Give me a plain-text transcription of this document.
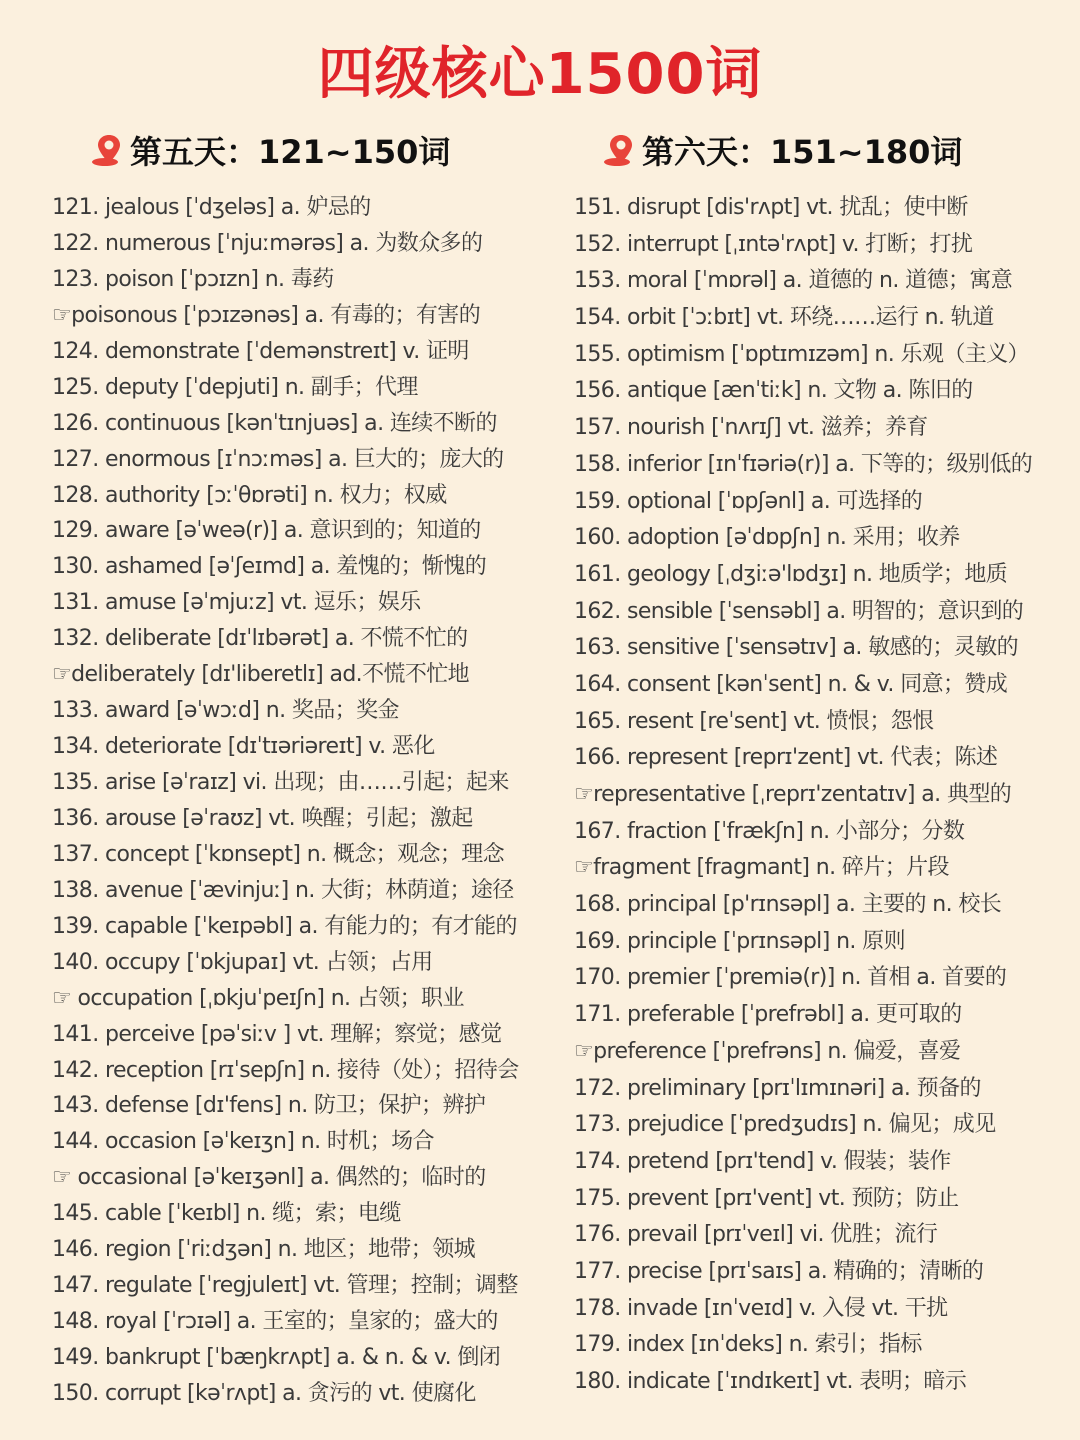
四级核心1500词
第五天：121~150词
121. jealous [ˈdʒeləs] a. 妒忌的
122. numerous [ˈnjuːmərəs] a. 为数众多的
123. poison [ˈpɔɪzn] n. 毒药
☞poisonous [ˈpɔɪzənəs] a. 有毒的；有害的
124. demonstrate [ˈdemənstreɪt] v. 证明
125. deputy [ˈdepjuti] n. 副手；代理
126. continuous [kənˈtɪnjuəs] a. 连续不断的
127. enormous [ɪˈnɔːməs] a. 巨大的；庞大的
128. authority [ɔːˈθɒrəti] n. 权力；权威
129. aware [əˈweə(r)] a. 意识到的；知道的
130. ashamed [əˈʃeɪmd] a. 羞愧的；惭愧的
131. amuse [əˈmjuːz] vt. 逗乐；娱乐
132. deliberate [dɪˈlɪbərət] a. 不慌不忙的
☞deliberately [dɪ'liberetlɪ] ad.不慌不忙地
133. award [əˈwɔːd] n. 奖品；奖金
134. deteriorate [dɪˈtɪəriəreɪt] v. 恶化
135. arise [əˈraɪz] vi. 出现；由……引起；起来
136. arouse [əˈraʊz] vt. 唤醒；引起；激起
137. concept [ˈkɒnsept] n. 概念；观念；理念
138. avenue [ˈævinjuː] n. 大街；林荫道；途径
139. capable [ˈkeɪpəbl] a. 有能力的；有才能的
140. occupy [ˈɒkjupaɪ] vt. 占领；占用
☞ occupation [ˌɒkjuˈpeɪʃn] n. 占领；职业
141. perceive [pəˈsiːv ] vt. 理解；察觉；感觉
142. reception [rɪˈsepʃn] n. 接待（处）；招待会
143. defense [dɪ'fens] n. 防卫；保护；辨护
144. occasion [əˈkeɪʒn] n. 时机；场合
☞ occasional [əˈkeɪʒənl] a. 偶然的；临时的
145. cable [ˈkeɪbl] n. 缆；索；电缆
146. region [ˈriːdʒən] n. 地区；地带；领城
147. regulate [ˈregjuleɪt] vt. 管理；控制；调整
148. royal [ˈrɔɪəl] a. 王室的；皇家的；盛大的
149. bankrupt [ˈbæŋkrʌpt] a. & n. & v. 倒闭
150. corrupt [kəˈrʌpt] a. 贪污的 vt. 使腐化
第六天：151~180词
151. disrupt [dis'rʌpt] vt. 扰乱；使中断
152. interrupt [ˌɪntəˈrʌpt] v. 打断；打扰
153. moral [ˈmɒrəl] a. 道德的 n. 道德；寓意
154. orbit [ˈɔːbɪt] vt. 环绕……运行 n. 轨道
155. optimism [ˈɒptɪmɪzəm] n. 乐观（主义）
156. antique [ænˈtiːk] n. 文物 a. 陈旧的
157. nourish [ˈnʌrɪʃ] vt. 滋养；养育
158. inferior [ɪnˈfɪəriə(r)] a. 下等的；级别低的
159. optional [ˈɒpʃənl] a. 可选择的
160. adoption [əˈdɒpʃn] n. 采用；收养
161. geology [ˌdʒiːə'lɒdʒɪ] n. 地质学；地质
162. sensible [ˈsensəbl] a. 明智的；意识到的
163. sensitive [ˈsensətɪv] a. 敏感的；灵敏的
164. consent [kənˈsent] n. & v. 同意；赞成
165. resent [reˈsent] vt. 愤恨；怨恨
166. represent [reprɪ'zent] vt. 代表；陈述
☞representative [ˌreprɪ'zentatɪv] a. 典型的
167. fraction [ˈfrækʃn] n. 小部分；分数
☞fragment [fragmant] n. 碎片；片段
168. principal [p'rɪnsəpl] a. 主要的 n. 校长
169. principle [ˈprɪnsəpl] n. 原则
170. premier [ˈpremiə(r)] n. 首相 a. 首要的
171. preferable [ˈprefrəbl] a. 更可取的
☞preference [ˈprefrəns] n. 偏爱，喜爱
172. preliminary [prɪˈlɪmɪnəri] a. 预备的
173. prejudice [ˈpredʒudɪs] n. 偏见；成见
174. pretend [prɪ'tend] v. 假装；装作
175. prevent [prɪ'vent] vt. 预防；防止
176. prevail [prɪˈveɪl] vi. 优胜；流行
177. precise [prɪˈsaɪs] a. 精确的；清晰的
178. invade [ɪnˈveɪd] v. 入侵 vt. 干扰
179. index [ɪnˈdeks] n. 索引；指标
180. indicate [ˈɪndɪkeɪt] vt. 表明；暗示
